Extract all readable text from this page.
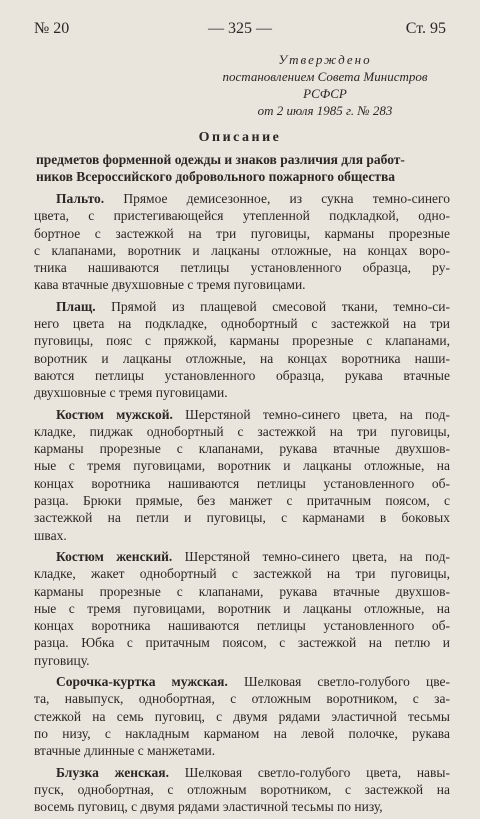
№ 20	— 325 —	Ст. 95
Утверждено
постановлением Совета Министров
РСФСР
от 2 июля 1985 г. № 283
Описание
предметов форменной одежды и знаков различия для работ-
ников Всероссийского добровольного пожарного общества
Пальто. Прямое демисезонное, из сукна темно-синего
цвета, с пристегивающейся утепленной подкладкой, одно-
бортное с застежкой на три пуговицы, карманы прорезные
с клапанами, воротник и лацканы отложные, на концах воро-
тника нашиваются петлицы установленного образца, ру-
кава втачные двухшовные с тремя пуговицами.
Плащ. Прямой из плащевой смесовой ткани, темно-си-
него цвета на подкладке, однобортный с застежкой на три
пуговицы, пояс с пряжкой, карманы прорезные с клапанами,
воротник и лацканы отложные, на концах воротника наши-
ваются петлицы установленного образца, рукава втачные
двухшовные с тремя пуговицами.
Костюм мужской. Шерстяной темно-синего цвета, на под-
кладке, пиджак однобортный с застежкой на три пуговицы,
карманы прорезные с клапанами, рукава втачные двухшов-
ные с тремя пуговицами, воротник и лацканы отложные, на
концах воротника нашиваются петлицы установленного об-
разца. Брюки прямые, без манжет с притачным поясом, с
застежкой на петли и пуговицы, с карманами в боковых
швах.
Костюм женский. Шерстяной темно-синего цвета, на под-
кладке, жакет однобортный с застежкой на три пуговицы,
карманы прорезные с клапанами, рукава втачные двухшов-
ные с тремя пуговицами, воротник и лацканы отложные, на
концах воротника нашиваются петлицы установленного об-
разца. Юбка с притачным поясом, с застежкой на петлю и
пуговицу.
Сорочка-куртка мужская. Шелковая светло-голубого цве-
та, навыпуск, однобортная, с отложным воротником, с за-
стежкой на семь пуговиц, с двумя рядами эластичной тесьмы
по низу, с накладным карманом на левой полочке, рукава
втачные длинные с манжетами.
Блузка женская. Шелковая светло-голубого цвета, навы-
пуск, однобортная, с отложным воротником, с застежкой на
восемь пуговиц, с двумя рядами эластичной тесьмы по низу,
